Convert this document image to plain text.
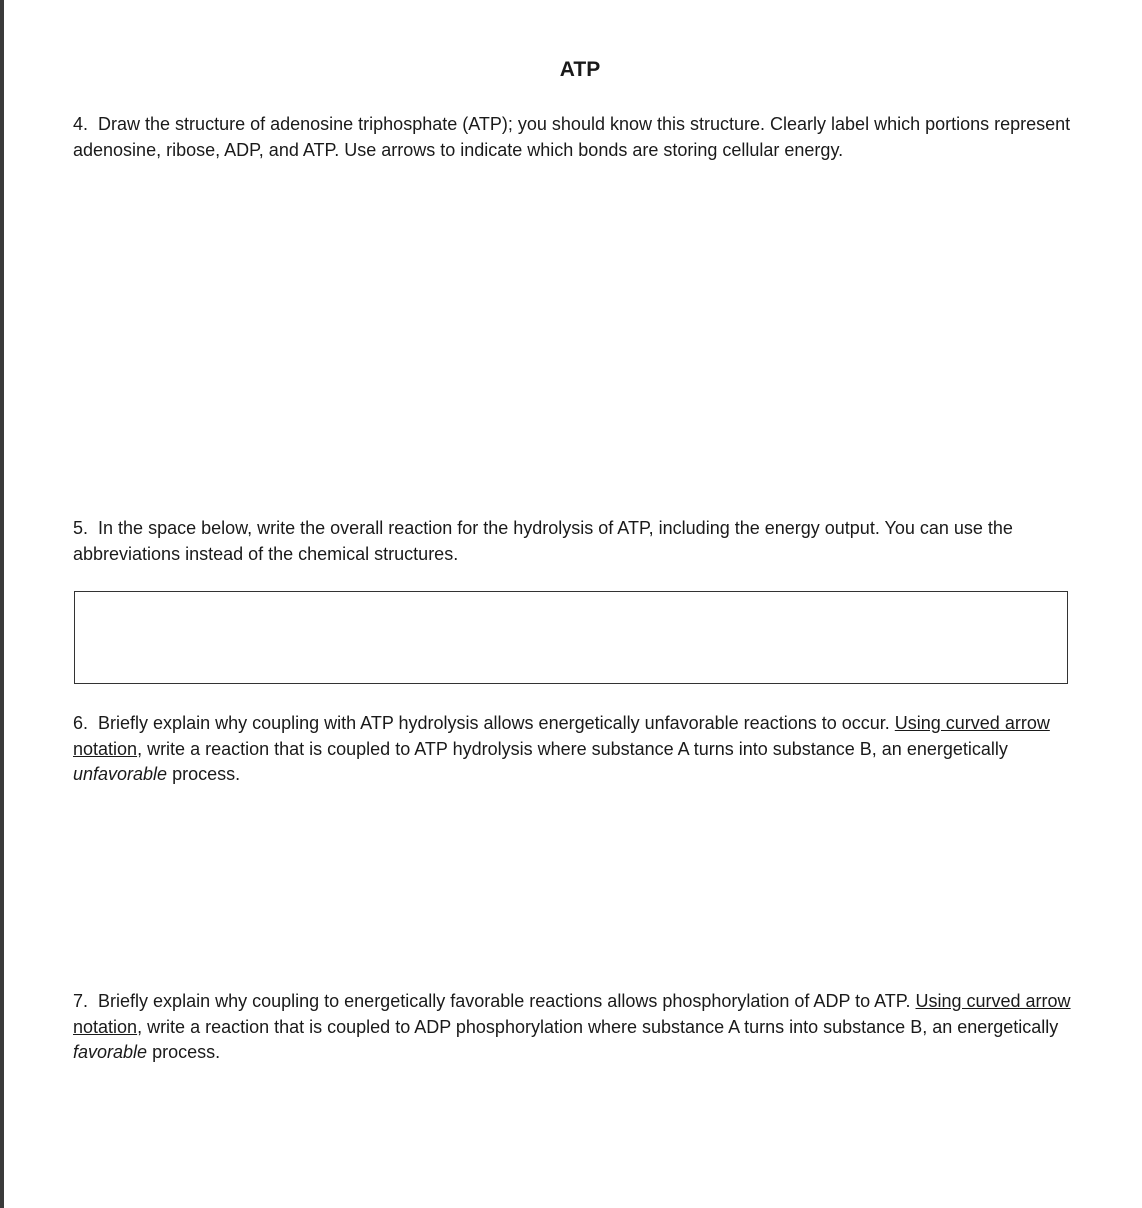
ATP

4. Draw the structure of adenosine triphosphate (ATP); you should know this structure. Clearly label which portions represent adenosine, ribose, ADP, and ATP. Use arrows to indicate which bonds are storing cellular energy.

5. In the space below, write the overall reaction for the hydrolysis of ATP, including the energy output. You can use the abbreviations instead of the chemical structures.

6. Briefly explain why coupling with ATP hydrolysis allows energetically unfavorable reactions to occur. Using curved arrow notation, write a reaction that is coupled to ATP hydrolysis where substance A turns into substance B, an energetically unfavorable process.

7. Briefly explain why coupling to energetically favorable reactions allows phosphorylation of ADP to ATP. Using curved arrow notation, write a reaction that is coupled to ADP phosphorylation where substance A turns into substance B, an energetically favorable process.
